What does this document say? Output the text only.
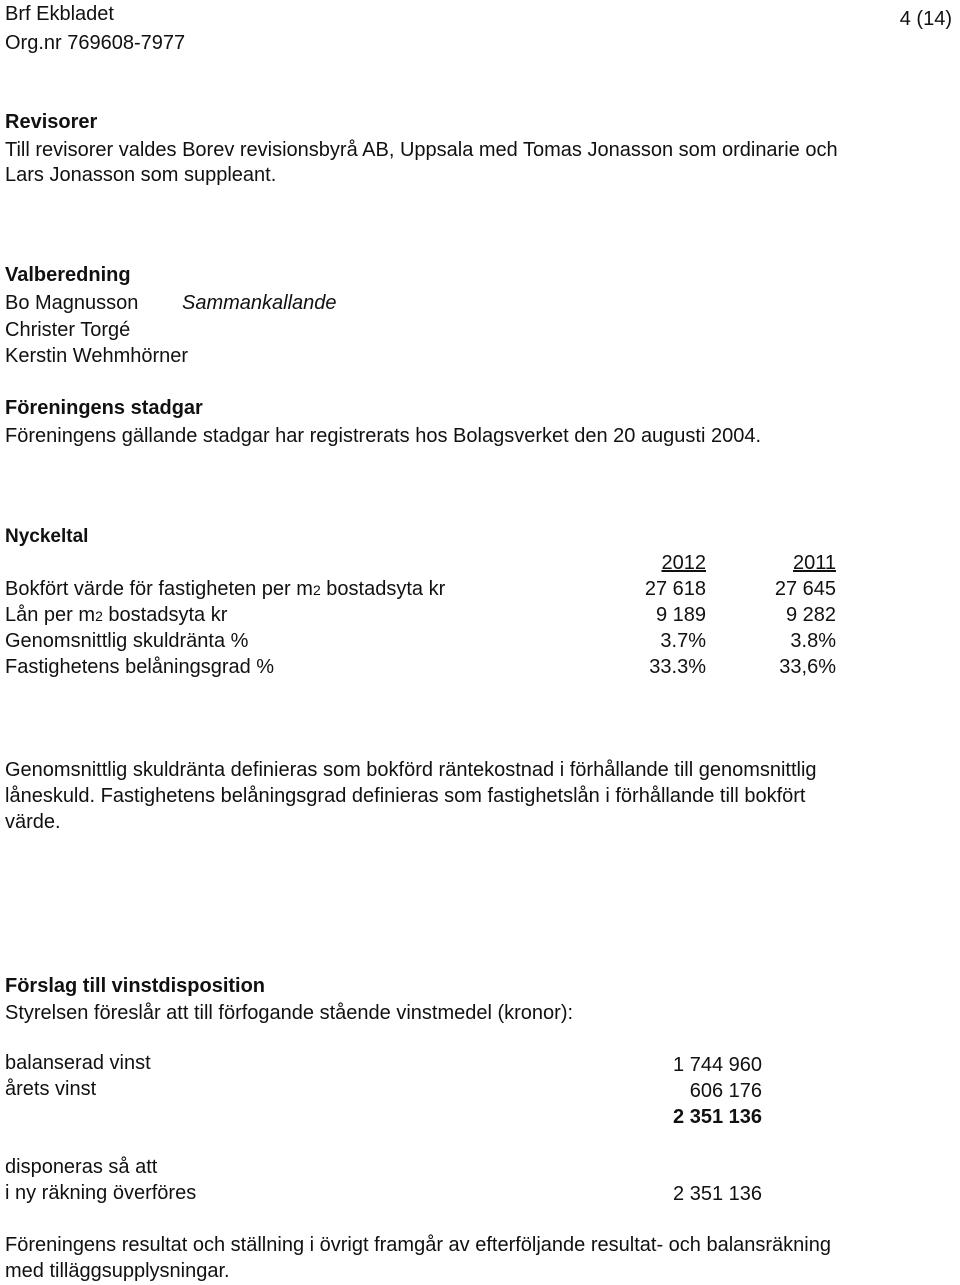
Brf Ekbladet
Org.nr 769608-7977
4 (14)
Revisorer
Till revisorer valdes Borev revisionsbyrå AB, Uppsala med Tomas Jonasson som ordinarie och
Lars Jonasson som suppleant.
Valberedning
Bo Magnusson Sammankallande
Christer Torgé
Kerstin Wehmhörner
Föreningens stadgar
Föreningens gällande stadgar har registrerats hos Bolagsverket den 20 augusti 2004.
Nyckeltal
2012	2011
Bokfört värde för fastigheten per m2 bostadsyta kr	27 618	27 645
Lån per m2 bostadsyta kr	9 189	9 282
Genomsnittlig skuldränta %	3.7%	3.8%
Fastighetens belåningsgrad %	33.3%	33,6%
Genomsnittlig skuldränta definieras som bokförd räntekostnad i förhållande till genomsnittlig
låneskuld. Fastighetens belåningsgrad definieras som fastighetslån i förhållande till bokfört
värde.
Förslag till vinstdisposition
Styrelsen föreslår att till förfogande stående vinstmedel (kronor):
balanserad vinst	1 744 960
årets vinst	606 176
2 351 136
disponeras så att
i ny räkning överföres	2 351 136
Föreningens resultat och ställning i övrigt framgår av efterföljande resultat- och balansräkning
med tilläggsupplysningar.
